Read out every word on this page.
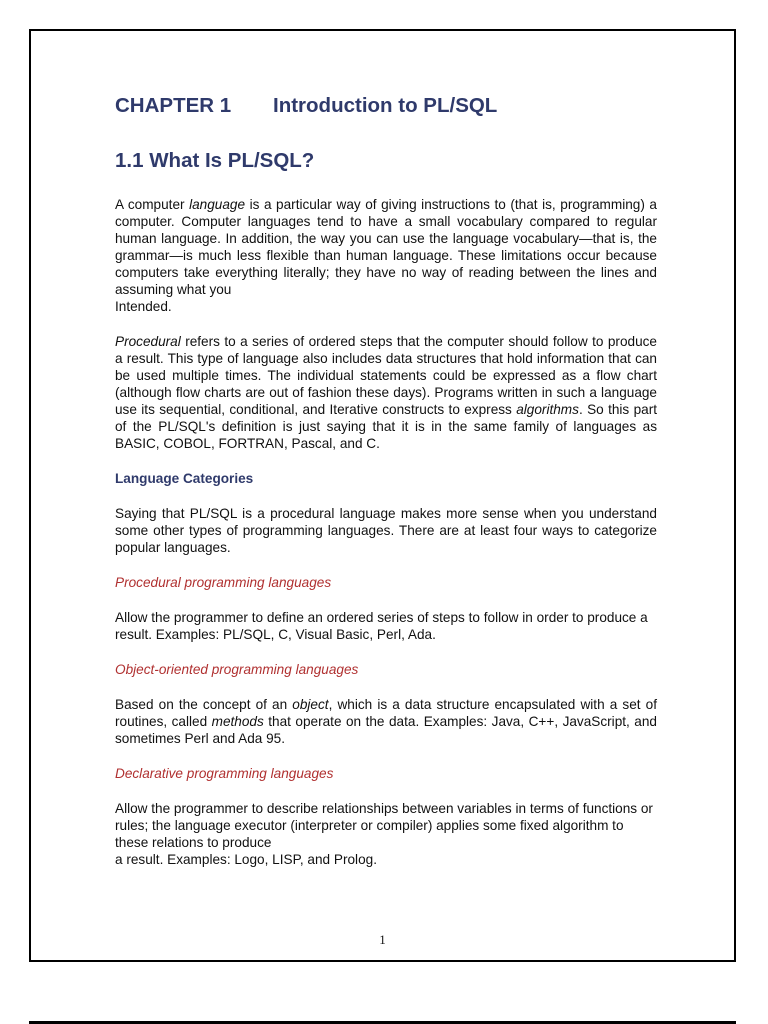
CHAPTER 1 Introduction to PL/SQL
1.1 What Is PL/SQL?

A computer language is a particular way of giving instructions to (that is, programming) a computer. Computer languages tend to have a small vocabulary compared to regular human language. In addition, the way you can use the language vocabulary—that is, the grammar—is much less flexible than human language. These limitations occur because computers take everything literally; they have no way of reading between the lines and assuming what you
Intended.

Procedural refers to a series of ordered steps that the computer should follow to produce a result. This type of language also includes data structures that hold information that can be used multiple times. The individual statements could be expressed as a flow chart (although flow charts are out of fashion these days). Programs written in such a language use its sequential, conditional, and Iterative constructs to express algorithms. So this part of the PL/SQL's definition is just saying that it is in the same family of languages as BASIC, COBOL, FORTRAN, Pascal, and C.

Language Categories

Saying that PL/SQL is a procedural language makes more sense when you understand some other types of programming languages. There are at least four ways to categorize popular languages.

Procedural programming languages

Allow the programmer to define an ordered series of steps to follow in order to produce a result. Examples: PL/SQL, C, Visual Basic, Perl, Ada.

Object-oriented programming languages

Based on the concept of an object, which is a data structure encapsulated with a set of routines, called methods that operate on the data. Examples: Java, C++, JavaScript, and sometimes Perl and Ada 95.

Declarative programming languages

Allow the programmer to describe relationships between variables in terms of functions or rules; the language executor (interpreter or compiler) applies some fixed algorithm to these relations to produce
a result. Examples: Logo, LISP, and Prolog.

1
